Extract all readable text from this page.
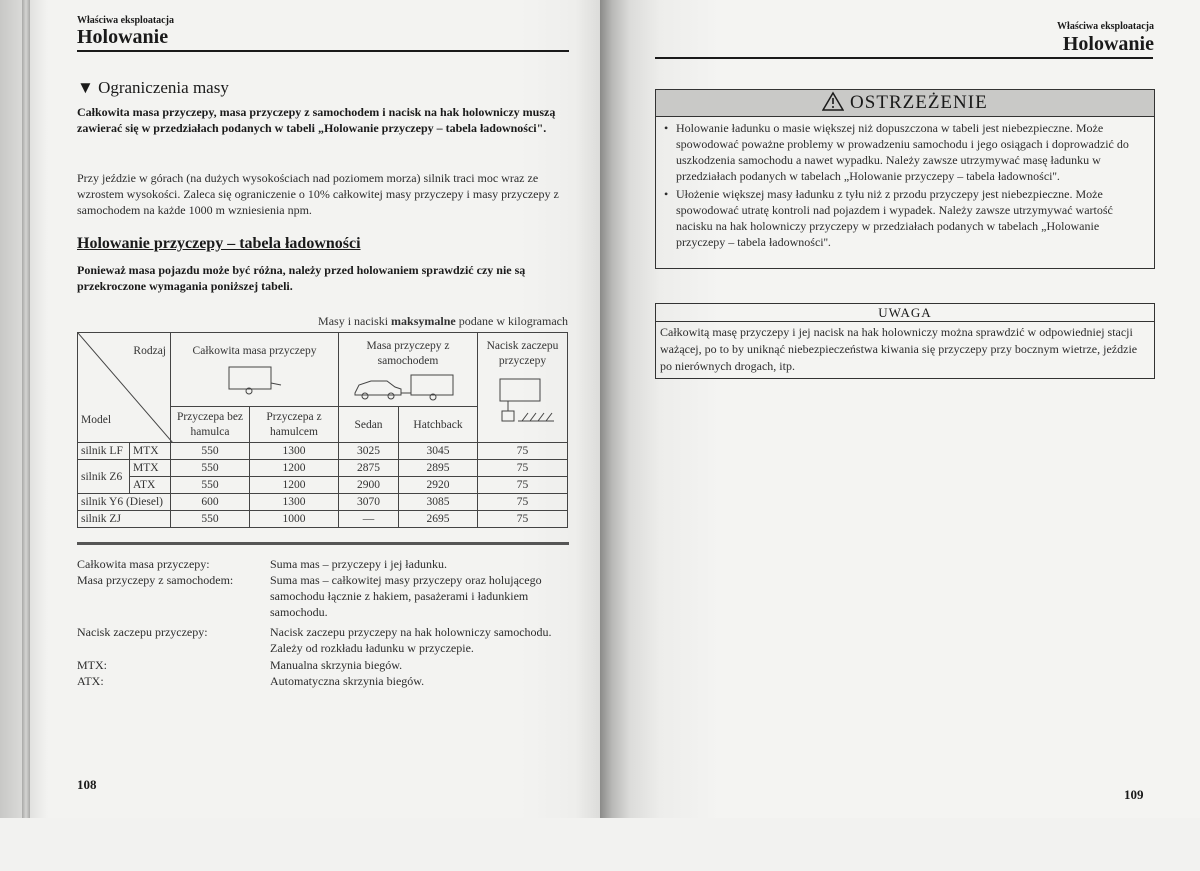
Właściwa eksploatacja
Holowanie
▼ Ograniczenia masy

Całkowita masa przyczepy, masa przyczepy z samochodem i nacisk na hak holowniczy muszą zawierać się w przedziałach podanych w tabeli „Holowanie przyczepy – tabela ładowności".

Przy jeździe w górach (na dużych wysokościach nad poziomem morza) silnik traci moc wraz ze wzrostem wysokości. Zaleca się ograniczenie o 10% całkowitej masy przyczepy i masy przyczepy z samochodem na każde 1000 m wzniesienia npm.

Holowanie przyczepy – tabela ładowności

Ponieważ masa pojazdu może być różna, należy przed holowaniem sprawdzić czy nie są przekroczone wymagania poniższej tabeli.

Masy i naciski maksymalne podane w kilogramach
Rodzaj
Model		Całkowita masa przyczepy		Masa przyczepy z samochodem		Nacisk zaczepu przyczepy

		Przyczepa bez hamulca	Przyczepa z hamulcem	Sedan	Hatchback	
silnik LF	MTX	550	1300	3025	3045	75
silnik Z6	MTX	550	1200	2875	2895	75
	ATX	550	1200	2900	2920	75
silnik Y6 (Diesel)		600	1300	3070	3085	75
silnik ZJ		550	1000	—	2695	75
Całkowita masa przyczepy:	Suma mas – przyczepy i jej ładunku.
Masa przyczepy z samochodem:	Suma mas – całkowitej masy przyczepy oraz holującego samochodu łącznie z hakiem, pasażerami i ładunkiem samochodu.
Nacisk zaczepu przyczepy:	Nacisk zaczepu przyczepy na hak holowniczy samochodu. Zależy od rozkładu ładunku w przyczepie.
MTX:	Manualna skrzynia biegów.
ATX:	Automatyczna skrzynia biegów.
108
Właściwa eksploatacja
Holowanie
OSTRZEŻENIE
• Holowanie ładunku o masie większej niż dopuszczona w tabeli jest niebezpieczne. Może spowodować poważne problemy w prowadzeniu samochodu i jego osiągach i doprowadzić do uszkodzenia samochodu a nawet wypadku. Należy zawsze utrzymywać masę ładunku w przedziałach podanych w tabelach „Holowanie przyczepy – tabela ładowności''.
• Ułożenie większej masy ładunku z tyłu niż z przodu przyczepy jest niebezpieczne. Może spowodować utratę kontroli nad pojazdem i wypadek. Należy zawsze utrzymywać wartość nacisku na hak holowniczy przyczepy w przedziałach podanych w tabelach „Holowanie przyczepy – tabela ładowności''.
UWAGA
Całkowitą masę przyczepy i jej nacisk na hak holowniczy można sprawdzić w odpowiedniej stacji ważącej, po to by uniknąć niebezpieczeństwa kiwania się przyczepy przy bocznym wietrze, jeździe po nierównych drogach, itp.
109
